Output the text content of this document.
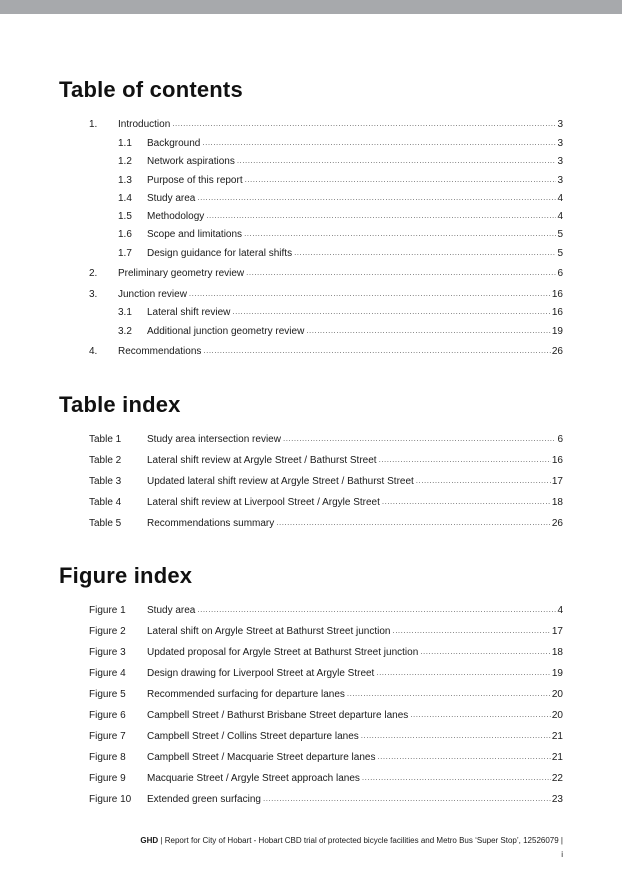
Table of contents
1.	Introduction .....	3
1.1	Background .....	3
1.2	Network aspirations .....	3
1.3	Purpose of this report .....	3
1.4	Study area .....	4
1.5	Methodology .....	4
1.6	Scope and limitations .....	5
1.7	Design guidance for lateral shifts .....	5
2.	Preliminary geometry review .....	6
3.	Junction review .....	16
3.1	Lateral shift review .....	16
3.2	Additional junction geometry review .....	19
4.	Recommendations .....	26
Table index
Table 1	Study area intersection review .....	6
Table 2	Lateral shift review at Argyle Street / Bathurst Street .....	16
Table 3	Updated lateral shift review at Argyle Street / Bathurst Street .....	17
Table 4	Lateral shift review at Liverpool Street / Argyle Street .....	18
Table 5	Recommendations summary .....	26
Figure index
Figure 1	Study area .....	4
Figure 2	Lateral shift on Argyle Street at Bathurst Street junction .....	17
Figure 3	Updated proposal for Argyle Street at Bathurst Street junction .....	18
Figure 4	Design drawing for Liverpool Street at Argyle Street .....	19
Figure 5	Recommended surfacing for departure lanes .....	20
Figure 6	Campbell Street / Bathurst Brisbane Street departure lanes .....	20
Figure 7	Campbell Street / Collins Street departure lanes .....	21
Figure 8	Campbell Street / Macquarie Street departure lanes .....	21
Figure 9	Macquarie Street / Argyle Street approach lanes .....	22
Figure 10	Extended green surfacing .....	23
GHD | Report for City of Hobart - Hobart CBD trial of protected bicycle facilities and Metro Bus ‘Super Stop’, 12526079 |
i
